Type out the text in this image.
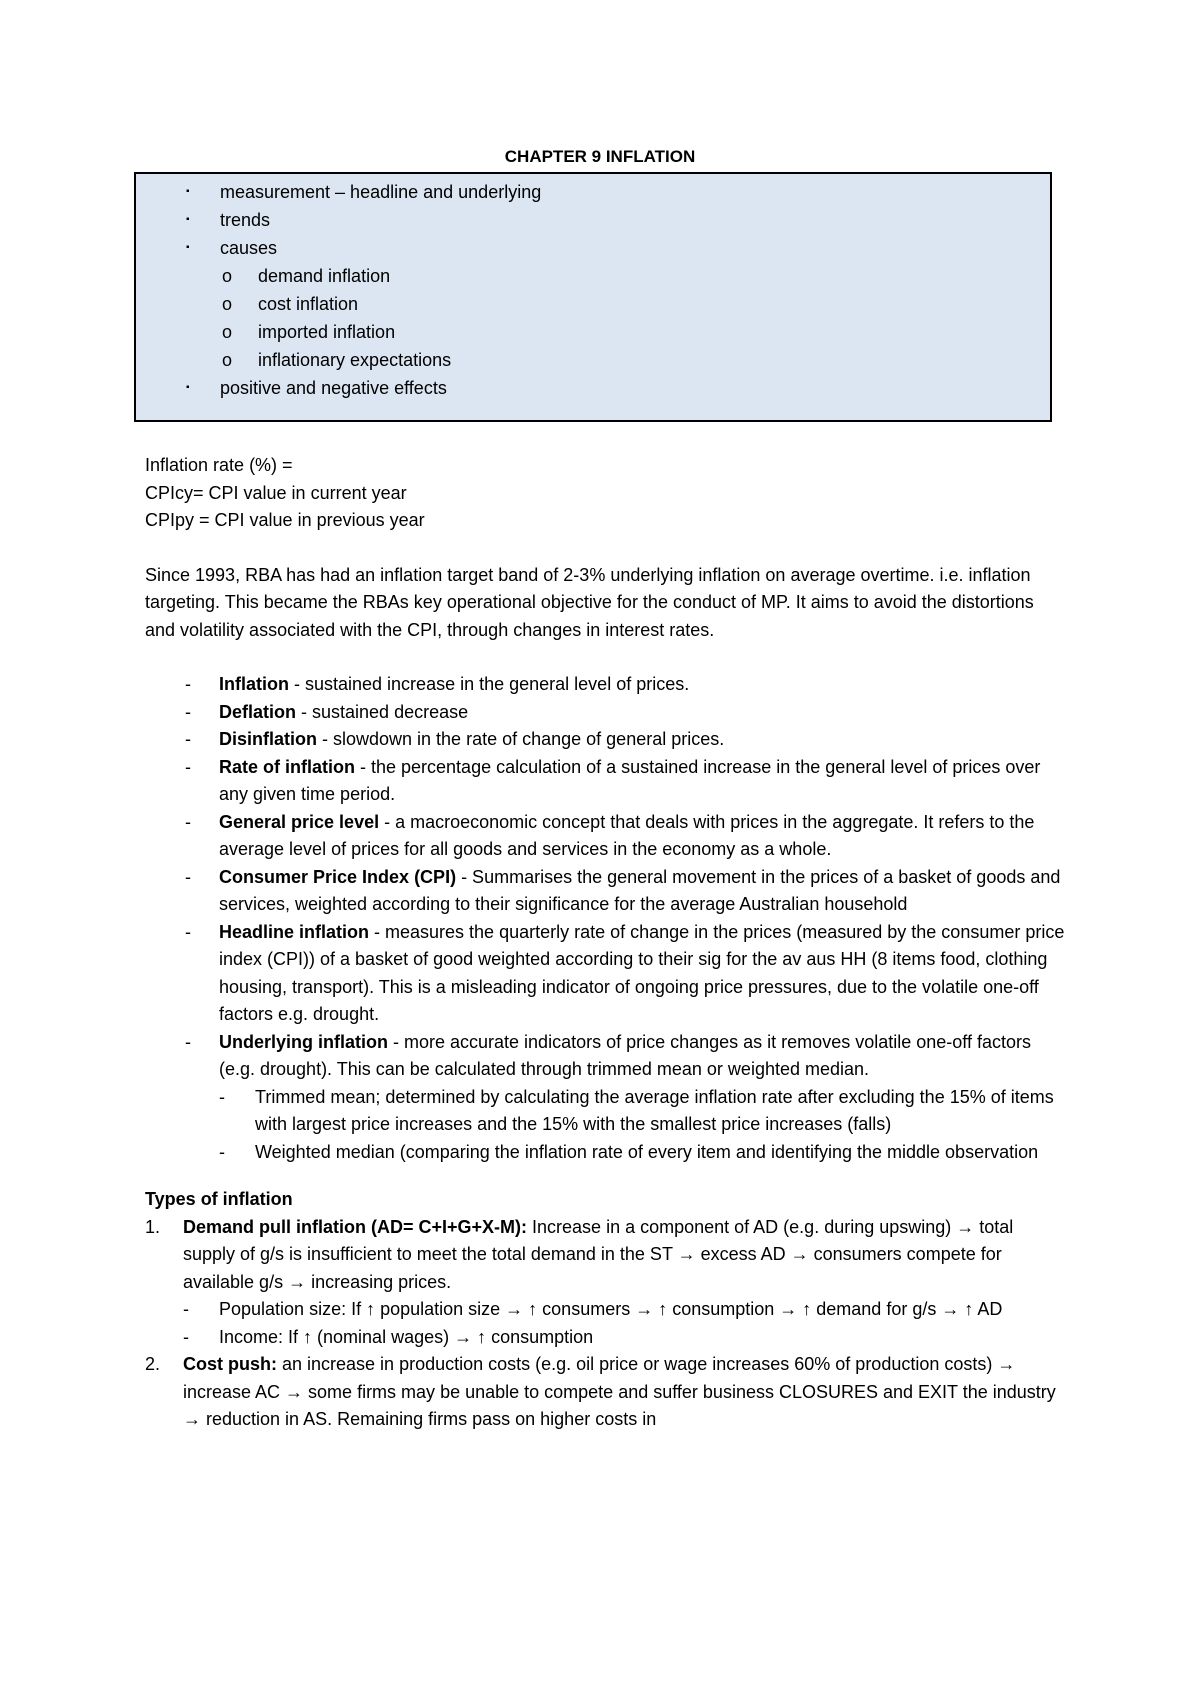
CHAPTER 9 INFLATION
▪ measurement – headline and underlying
▪ trends
▪ causes
o demand inflation
o cost inflation
o imported inflation
o inflationary expectations
▪ positive and negative effects

Inflation rate (%) =

CPIcy= CPI value in current year

CPIpy = CPI value in previous year

Since 1993, RBA has had an inflation target band of 2-3% underlying inflation on average overtime. i.e. inflation targeting. This became the RBAs key operational objective for the conduct of MP. It aims to avoid the distortions and volatility associated with the CPI, through changes in interest rates.

- Inflation - sustained increase in the general level of prices.
- Deflation - sustained decrease
- Disinflation - slowdown in the rate of change of general prices.
- Rate of inflation - the percentage calculation of a sustained increase in the general level of prices over any given time period.
- General price level - a macroeconomic concept that deals with prices in the aggregate. It refers to the average level of prices for all goods and services in the economy as a whole.
- Consumer Price Index (CPI) - Summarises the general movement in the prices of a basket of goods and services, weighted according to their significance for the average Australian household
- Headline inflation - measures the quarterly rate of change in the prices (measured by the consumer price index (CPI)) of a basket of good weighted according to their sig for the av aus HH (8 items food, clothing housing, transport). This is a misleading indicator of ongoing price pressures, due to the volatile one-off factors e.g. drought.
- Underlying inflation - more accurate indicators of price changes as it removes volatile one-off factors (e.g. drought). This can be calculated through trimmed mean or weighted median.
- Trimmed mean; determined by calculating the average inflation rate after excluding the 15% of items with largest price increases and the 15% with the smallest price increases (falls)
- Weighted median (comparing the inflation rate of every item and identifying the middle observation

Types of inflation

1. Demand pull inflation (AD= C+I+G+X-M): Increase in a component of AD (e.g. during upswing) → total supply of g/s is insufficient to meet the total demand in the ST → excess AD → consumers compete for available g/s → increasing prices.
- Population size: If ↑ population size → ↑ consumers → ↑ consumption → ↑ demand for g/s → ↑ AD
- Income: If ↑ (nominal wages) → ↑ consumption
2. Cost push: an increase in production costs (e.g. oil price or wage increases 60% of production costs) → increase AC → some firms may be unable to compete and suffer business CLOSURES and EXIT the industry → reduction in AS. Remaining firms pass on higher costs in
